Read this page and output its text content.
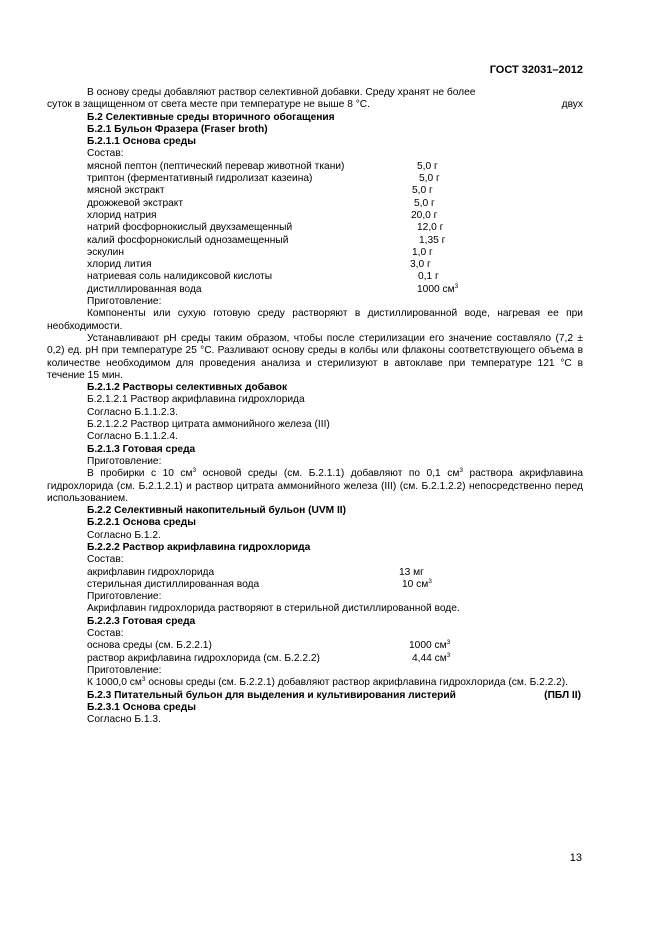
ГОСТ 32031–2012
В основу среды добавляют раствор селективной добавки. Среду хранят не более
двух
суток в защищенном от света месте при температуре не выше 8 °С.
Б.2 Селективные среды вторичного обогащения
Б.2.1 Бульон Фразера (Fraser broth)
Б.2.1.1 Основа среды
Состав:
мясной пептон (пептический перевар животной ткани)	5,0 г
триптон (ферментативный гидролизат казеина)	5,0 г
мясной экстракт	5,0 г
дрожжевой экстракт	5,0 г
хлорид натрия	20,0 г
натрий фосфорнокислый двухзамещенный	12,0 г
калий фосфорнокислый однозамещенный	1,35 г
эскулин	1,0 г
хлорид лития	3,0 г
натриевая соль налидиксовой кислоты	0,1 г
дистиллированная вода	1000 $см^3$
Приготовление:
Компоненты или сухую готовую среду растворяют в дистиллированной воде, нагревая ее при необходимости.
Устанавливают рН среды таким образом, чтобы после стерилизации его значение составляло (7,2 ± 0,2) ед. рН при температуре 25 °С. Разливают основу среды в колбы или флаконы соответствующего объема в количестве необходимом для проведения анализа и стерилизуют в автоклаве при температуре 121 °С в течение 15 мин.
Б.2.1.2 Растворы селективных добавок
Б.2.1.2.1 Раствор акрифлавина гидрохлорида
Согласно Б.1.1.2.3.
Б.2.1.2.2 Раствор цитрата аммонийного железа (III)
Согласно Б.1.1.2.4.
Б.2.1.3 Готовая среда
Приготовление:
В пробирки с 10 $см^3$ основой среды (см. Б.2.1.1) добавляют по 0,1 $см^3$ раствора акрифлавина гидрохлорида (см. Б.2.1.2.1) и раствор цитрата аммонийного железа (III) (см. Б.2.1.2.2) непосредственно перед использованием.
Б.2.2 Селективный накопительный бульон (UVM II)
Б.2.2.1 Основа среды
Согласно Б.1.2.
Б.2.2.2 Раствор акрифлавина гидрохлорида
Состав:
акрифлавин гидрохлорида	13 мг
стерильная дистиллированная вода	10 $см^3$
Приготовление:
Акрифлавин гидрохлорида растворяют в стерильной дистиллированной воде.
Б.2.2.3 Готовая среда
Состав:
основа среды (см. Б.2.2.1)	1000 $см^3$
раствор акрифлавина гидрохлорида (см. Б.2.2.2)	4,44 $см^3$
Приготовление:
К 1000,0 $см^3$ основы среды (см. Б.2.2.1) добавляют раствор акрифлавина гидрохлорида (см. Б.2.2.2).
Б.2.3 Питательный бульон для выделения и культивирования листерий	(ПБЛ II)
Б.2.3.1 Основа среды
Согласно Б.1.3.
13
